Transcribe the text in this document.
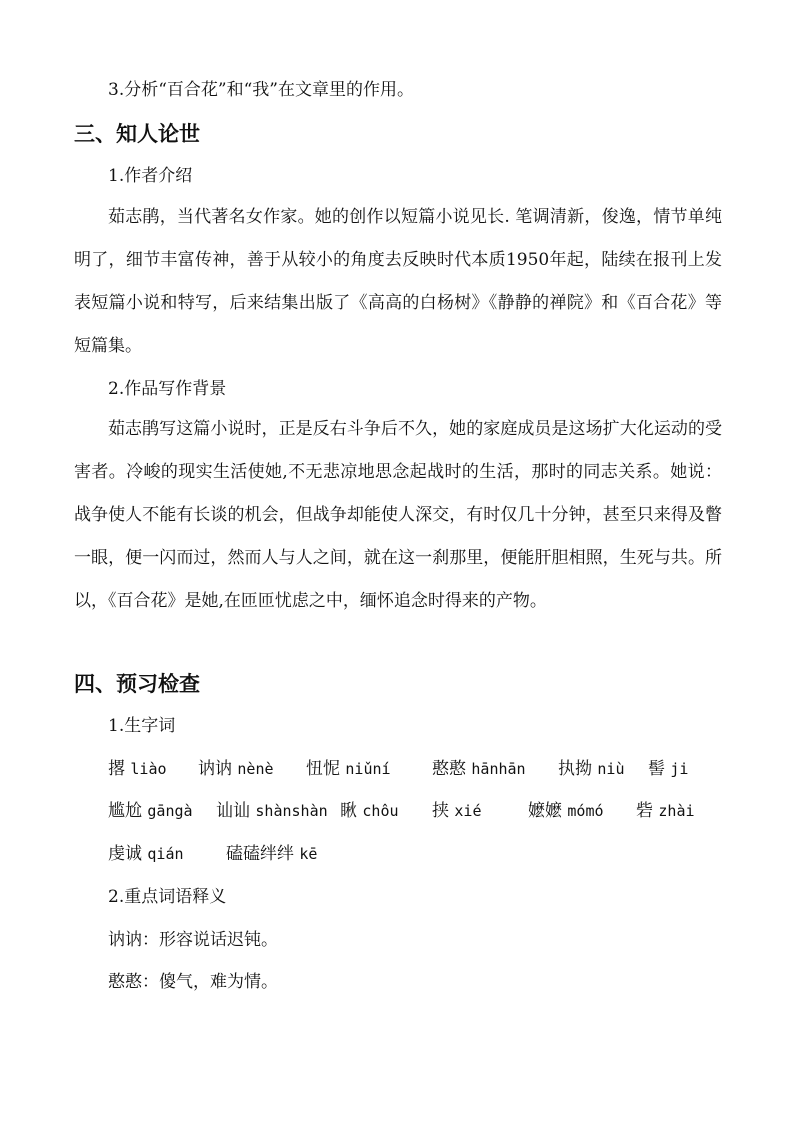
3.分析“百合花”和“我”在文章里的作用。
三、知人论世
1.作者介绍
茹志鹃，当代著名女作家。她的创作以短篇小说见长. 笔调清新，俊逸，情节单纯明了，细节丰富传神，善于从较小的角度去反映时代本质1950年起，陆续在报刊上发表短篇小说和特写，后来结集出版了《高高的白杨树》《静静的禅院》和《百合花》等短篇集。
2.作品写作背景
茹志鹃写这篇小说时，正是反右斗争后不久，她的家庭成员是这场扩大化运动的受害者。冷峻的现实生活使她,不无悲凉地思念起战时的生活，那时的同志关系。她说：战争使人不能有长谈的机会，但战争却能使人深交，有时仅几十分钟，甚至只来得及瞥一眼，便一闪而过，然而人与人之间，就在这一刹那里，便能肝胆相照，生死与共。所以，《百合花》是她,在匝匝忧虑之中，缅怀追念时得来的产物。
四、预习检查
1.生字词
撂 liào 讷讷 nènè 忸怩 niǔní 憨憨 hānhān 执拗 niù 髻 ji
尴尬 gāngà 讪讪 shànshàn 瞅 chôu 挟 xié	嬷嬷 mómó 砦 zhài
虔诚 qián 磕磕绊绊 kē
2.重点词语释义
讷讷：形容说话迟钝。
憨憨：傻气，难为情。
